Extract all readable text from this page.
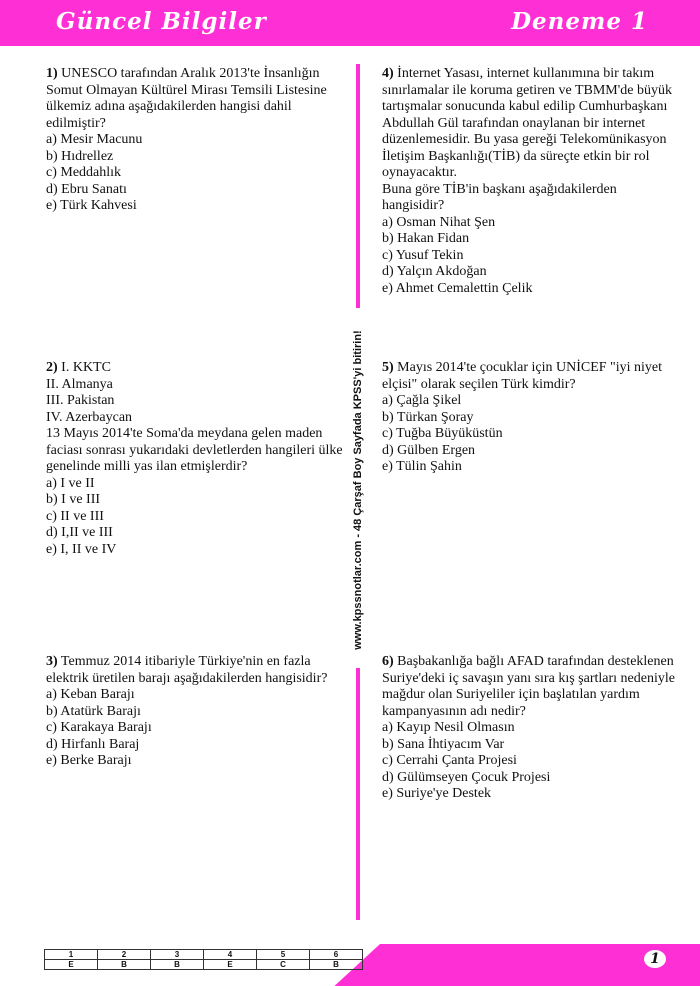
Güncel Bilgiler	Deneme 1
www.kpssnotlar.com - 48 Çarşaf Boy Sayfada KPSS'yi bitirin!

1) UNESCO tarafından Aralık 2013'te İnsanlığın Somut Olmayan Kültürel Mirası Temsili Listesine ülkemiz adına aşağıdakilerden hangisi dahil edilmiştir?

a) Mesir Macunu
b) Hıdrellez
c) Meddahlık
d) Ebru Sanatı
e) Türk Kahvesi

2) I. KKTC

II. Almanya

III. Pakistan

IV. Azerbaycan

13 Mayıs 2014'te Soma'da meydana gelen maden faciası sonrası yukarıdaki devletlerden hangileri ülke genelinde milli yas ilan etmişlerdir?

a) I ve II
b) I ve III
c) II ve III
d) I,II ve III
e) I, II ve IV

3) Temmuz 2014 itibariyle Türkiye'nin en fazla elektrik üretilen barajı aşağıdakilerden hangisidir?

a) Keban Barajı
b) Atatürk Barajı
c) Karakaya Barajı
d) Hirfanlı Baraj
e) Berke Barajı

4) İnternet Yasası, internet kullanımına bir takım sınırlamalar ile koruma getiren ve TBMM'de büyük tartışmalar sonucunda kabul edilip Cumhurbaşkanı Abdullah Gül tarafından onaylanan bir internet düzenlemesidir. Bu yasa gereği Telekomünikasyon İletişim Başkanlığı(TİB) da süreçte etkin bir rol oynayacaktır.

Buna göre TİB'in başkanı aşağıdakilerden hangisidir?

a) Osman Nihat Şen
b) Hakan Fidan
c) Yusuf Tekin
d) Yalçın Akdoğan
e) Ahmet Cemalettin Çelik

5) Mayıs 2014'te çocuklar için UNİCEF "iyi niyet elçisi" olarak seçilen Türk kimdir?

a) Çağla Şikel
b) Türkan Şoray
c) Tuğba Büyüküstün
d) Gülben Ergen
e) Tülin Şahin

6) Başbakanlığa bağlı AFAD tarafından desteklenen Suriye'deki iç savaşın yanı sıra kış şartları nedeniyle mağdur olan Suriyeliler için başlatılan yardım kampanyasının adı nedir?

a) Kayıp Nesil Olmasın
b) Sana İhtiyacım Var
c) Cerrahi Çanta Projesi
d) Gülümseyen Çocuk Projesi
e) Suriye'ye Destek
1	2	3	4	5	6
E	B	B	E	C	B	1
